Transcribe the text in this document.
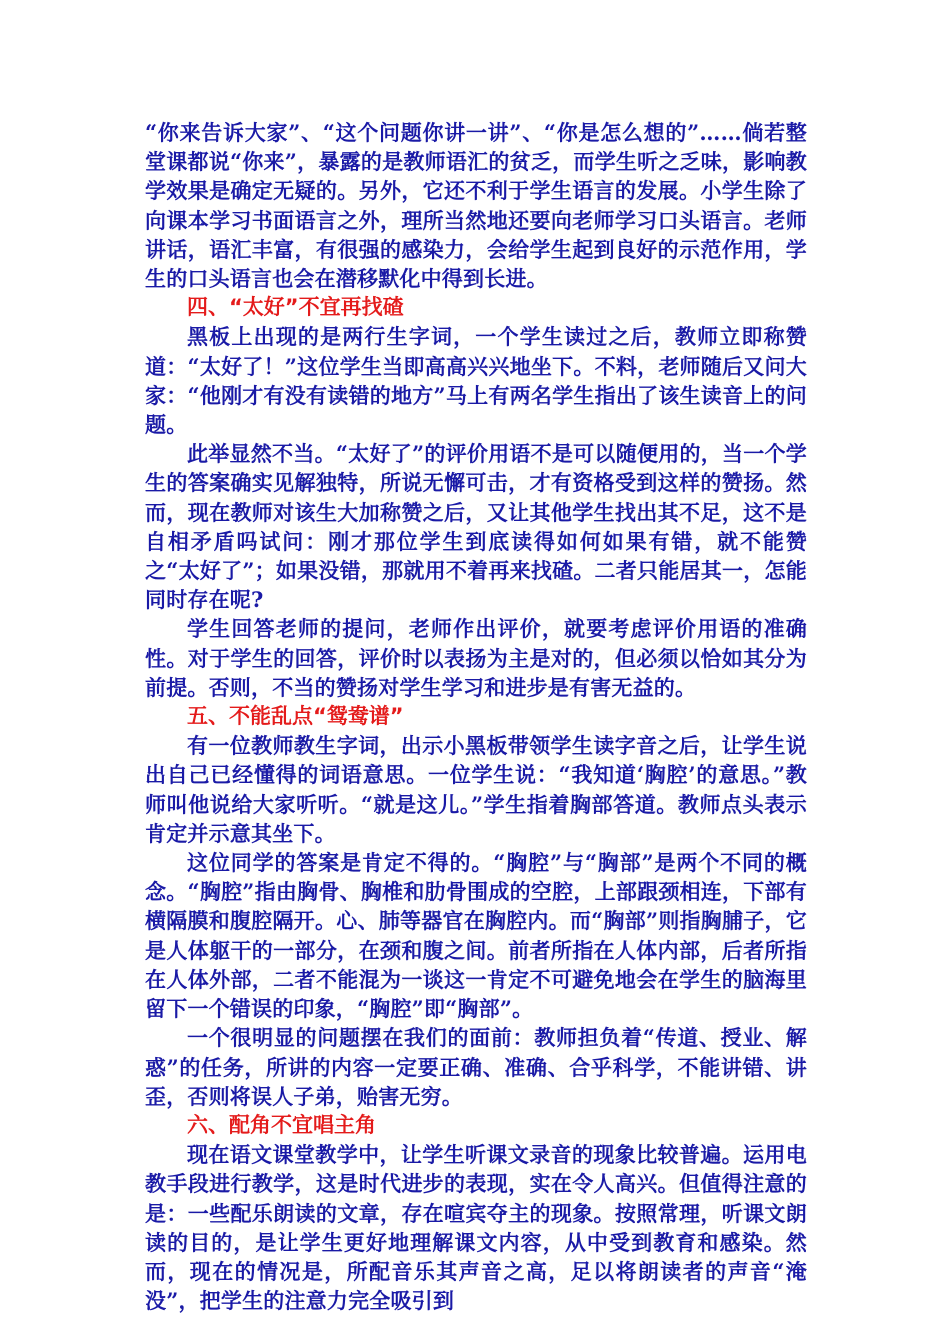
“你来告诉大家”、“这个问题你讲一讲”、“你是怎么想的”……倘若整堂课都说“你来”，暴露的是教师语汇的贫乏，而学生听之乏味，影响教学效果是确定无疑的。另外，它还不利于学生语言的发展。小学生除了向课本学习书面语言之外，理所当然地还要向老师学习口头语言。老师讲话，语汇丰富，有很强的感染力，会给学生起到良好的示范作用，学生的口头语言也会在潜移默化中得到长进。

四、“太好”不宜再找碴

黑板上出现的是两行生字词，一个学生读过之后，教师立即称赞道：“太好了！”这位学生当即高高兴兴地坐下。不料，老师随后又问大家：“他刚才有没有读错的地方”马上有两名学生指出了该生读音上的问题。

此举显然不当。“太好了”的评价用语不是可以随便用的，当一个学生的答案确实见解独特，所说无懈可击，才有资格受到这样的赞扬。然而，现在教师对该生大加称赞之后，又让其他学生找出其不足，这不是自相矛盾吗试问：刚才那位学生到底读得如何如果有错，就不能赞之“太好了”；如果没错，那就用不着再来找碴。二者只能居其一，怎能同时存在呢?

学生回答老师的提问，老师作出评价，就要考虑评价用语的准确性。对于学生的回答，评价时以表扬为主是对的，但必须以恰如其分为前提。否则，不当的赞扬对学生学习和进步是有害无益的。

五、不能乱点“鸳鸯谱”

有一位教师教生字词，出示小黑板带领学生读字音之后，让学生说出自己已经懂得的词语意思。一位学生说：“我知道‘胸腔’的意思。”教师叫他说给大家听听。“就是这儿。”学生指着胸部答道。教师点头表示肯定并示意其坐下。

这位同学的答案是肯定不得的。“胸腔”与“胸部”是两个不同的概念。“胸腔”指由胸骨、胸椎和肋骨围成的空腔，上部跟颈相连，下部有横隔膜和腹腔隔开。心、肺等器官在胸腔内。而“胸部”则指胸脯子，它是人体躯干的一部分，在颈和腹之间。前者所指在人体内部，后者所指在人体外部，二者不能混为一谈这一肯定不可避免地会在学生的脑海里留下一个错误的印象，“胸腔”即“胸部”。

一个很明显的问题摆在我们的面前：教师担负着“传道、授业、解惑”的任务，所讲的内容一定要正确、准确、合乎科学，不能讲错、讲歪，否则将误人子弟，贻害无穷。

六、配角不宜唱主角

现在语文课堂教学中，让学生听课文录音的现象比较普遍。运用电教手段进行教学，这是时代进步的表现，实在令人高兴。但值得注意的是：一些配乐朗读的文章，存在喧宾夺主的现象。按照常理，听课文朗读的目的，是让学生更好地理解课文内容，从中受到教育和感染。然而，现在的情况是，所配音乐其声音之高，足以将朗读者的声音“淹没”，把学生的注意力完全吸引到
